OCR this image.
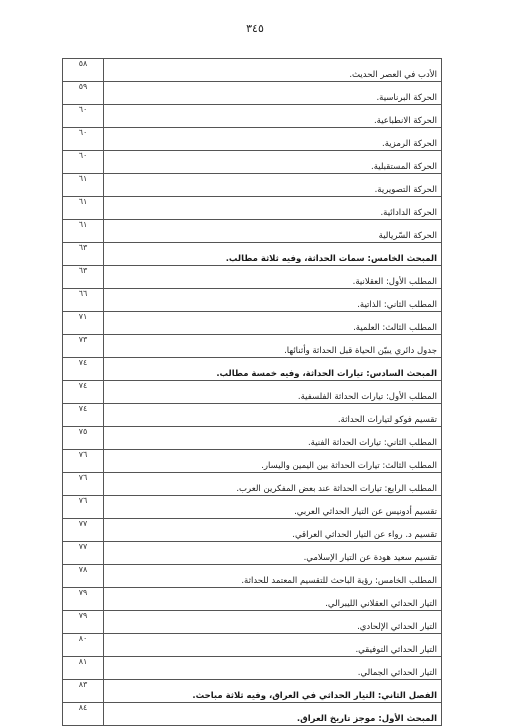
٣٤٥
٥٨	الأدب في العصر الحديث.
٥٩	الحركة البرناسية.
٦٠	الحركة الانطباعية.
٦٠	الحركة الرمزية.
٦٠	الحركة المستقبلية.
٦١	الحركة التصويرية.
٦١	الحركة الدادائية.
٦١	الحركة السّريالية
٦٣	المبحث الخامس: سمات الحداثة، وفيه ثلاثة مطالب.
٦٣	المطلب الأول: العقلانية.
٦٦	المطلب الثاني: الذاتية.
٧١	المطلب الثالث: العلمية.
٧٣	جدول دائري يبيّن الحياة قبل الحداثة وأثنائها.
٧٤	المبحث السادس: تيارات الحداثة، وفيه خمسة مطالب.
٧٤	المطلب الأول: تيارات الحداثة الفلسفية.
٧٤	تقسيم فوكو لتيارات الحداثة.
٧٥	المطلب الثاني: تيارات الحداثة الفنية.
٧٦	المطلب الثالث: تيارات الحداثة بين اليمين واليسار.
٧٦	المطلب الرابع: تيارات الحداثة عند بعض المفكرين العرب.
٧٦	تقسيم أدونيس عن التيار الحداثي العربي.
٧٧	تقسيم د. رواء عن التيار الحداثي العراقي.
٧٧	تقسيم سعيد هودة عن التيار الإسلامي.
٧٨	المطلب الخامس: رؤية الباحث للتقسيم المعتمد للحداثة.
٧٩	التيار الحداثي العقلاني الليبرالي.
٧٩	التيار الحداثي الإلحادي.
٨٠	التيار الحداثي التوفيقي.
٨١	التيار الحداثي الجمالي.
٨٣	الفصل الثاني: التيار الحداثي في العراق، وفيه ثلاثة مباحث.
٨٤	المبحث الأول: موجز تاريخ العراق.
